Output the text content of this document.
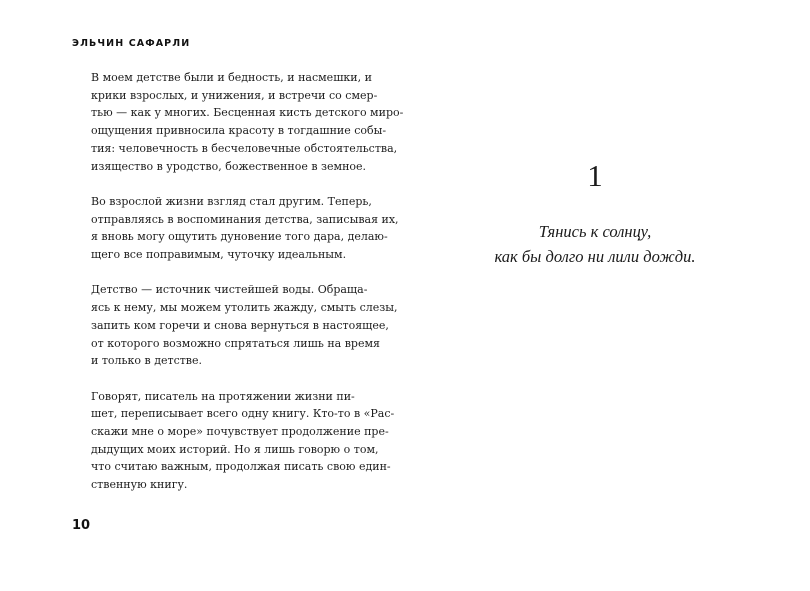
ЭЛЬЧИН САФАРЛИ

В моем детстве были и бедность, и насмешки, и
крики взрослых, и унижения, и встречи со смер-
тью — как у многих. Бесценная кисть детского миро-
ощущения привносила красоту в тогдашние собы-
тия: человечность в бесчеловечные обстоятельства,
изящество в уродство, божественное в земное.

Во взрослой жизни взгляд стал другим. Теперь,
отправляясь в воспоминания детства, записывая их,
я вновь могу ощутить дуновение того дара, делаю-
щего все поправимым, чуточку идеальным.

Детство — источник чистейшей воды. Обраща-
ясь к нему, мы можем утолить жажду, смыть слезы,
запить ком горечи и снова вернуться в настоящее,
от которого возможно спрятаться лишь на время
и только в детстве.

Говорят, писатель на протяжении жизни пи-
шет, переписывает всего одну книгу. Кто-то в «Рас-
скажи мне о море» почувствует продолжение пре-
дыдущих моих историй. Но я лишь говорю о том,
что считаю важным, продолжая писать свою един-
ственную книгу.

10
1
Тянись к солнцу,
как бы долго ни лили дожди.
